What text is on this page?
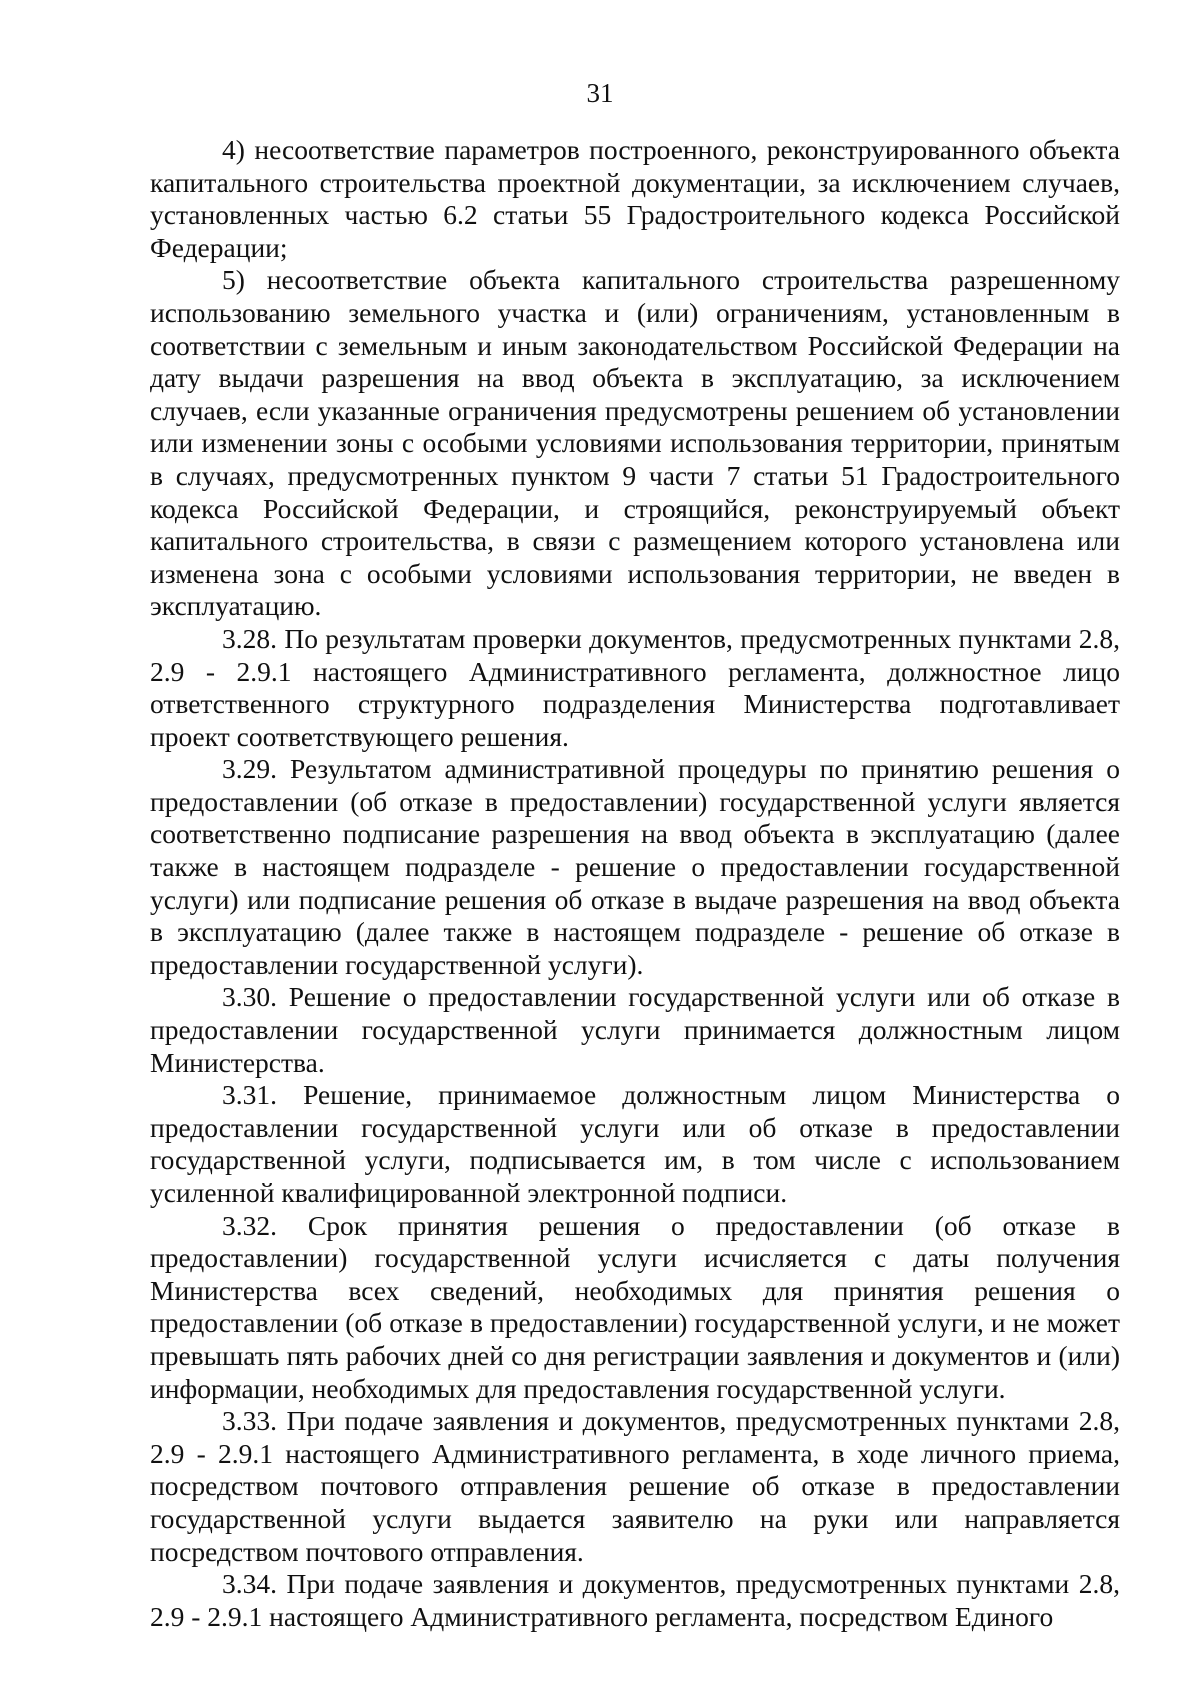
31

4) несоответствие параметров построенного, реконструированного объекта капитального строительства проектной документации, за исключением случаев, установленных частью 6.2 статьи 55 Градостроительного кодекса Российской Федерации;

5) несоответствие объекта капитального строительства разрешенному использованию земельного участка и (или) ограничениям, установленным в соответствии с земельным и иным законодательством Российской Федерации на дату выдачи разрешения на ввод объекта в эксплуатацию, за исключением случаев, если указанные ограничения предусмотрены решением об установлении или изменении зоны с особыми условиями использования территории, принятым в случаях, предусмотренных пунктом 9 части 7 статьи 51 Градостроительного кодекса Российской Федерации, и строящийся, реконструируемый объект капитального строительства, в связи с размещением которого установлена или изменена зона с особыми условиями использования территории, не введен в эксплуатацию.

3.28. По результатам проверки документов, предусмотренных пунктами 2.8, 2.9 - 2.9.1 настоящего Административного регламента, должностное лицо ответственного структурного подразделения Министерства подготавливает проект соответствующего решения.

3.29. Результатом административной процедуры по принятию решения о предоставлении (об отказе в предоставлении) государственной услуги является соответственно подписание разрешения на ввод объекта в эксплуатацию (далее также в настоящем подразделе - решение о предоставлении государственной услуги) или подписание решения об отказе в выдаче разрешения на ввод объекта в эксплуатацию (далее также в настоящем подразделе - решение об отказе в предоставлении государственной услуги).

3.30. Решение о предоставлении государственной услуги или об отказе в предоставлении государственной услуги принимается должностным лицом Министерства.

3.31. Решение, принимаемое должностным лицом Министерства о предоставлении государственной услуги или об отказе в предоставлении государственной услуги, подписывается им, в том числе с использованием усиленной квалифицированной электронной подписи.

3.32. Срок принятия решения о предоставлении (об отказе в предоставлении) государственной услуги исчисляется с даты получения Министерства всех сведений, необходимых для принятия решения о предоставлении (об отказе в предоставлении) государственной услуги, и не может превышать пять рабочих дней со дня регистрации заявления и документов и (или) информации, необходимых для предоставления государственной услуги.

3.33. При подаче заявления и документов, предусмотренных пунктами 2.8, 2.9 - 2.9.1 настоящего Административного регламента, в ходе личного приема, посредством почтового отправления решение об отказе в предоставлении государственной услуги выдается заявителю на руки или направляется посредством почтового отправления.

3.34. При подаче заявления и документов, предусмотренных пунктами 2.8, 2.9 - 2.9.1 настоящего Административного регламента, посредством Единого
